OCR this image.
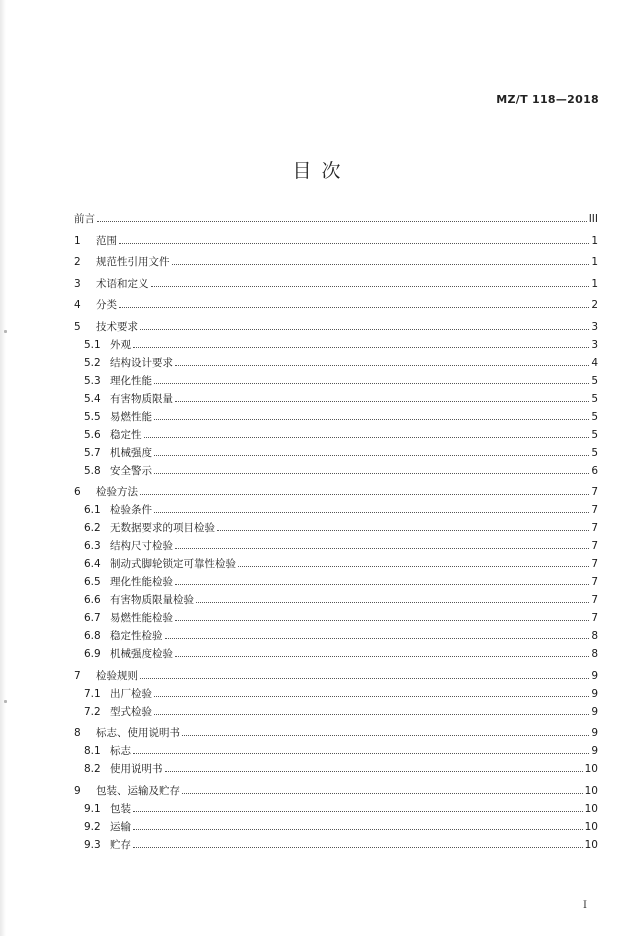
MZ/T 118—2018
目次
前言	III
1	范围	1
2	规范性引用文件	1
3	术语和定义	1
4	分类	2
5	技术要求	3
5.1 外观	3
5.2 结构设计要求	4
5.3 理化性能	5
5.4 有害物质限量	5
5.5 易燃性能	5
5.6 稳定性	5
5.7 机械强度	5
5.8 安全警示	6
6	检验方法	7
6.1 检验条件	7
6.2 无数据要求的项目检验	7
6.3 结构尺寸检验	7
6.4 制动式脚轮锁定可靠性检验	7
6.5 理化性能检验	7
6.6 有害物质限量检验	7
6.7 易燃性能检验	7
6.8 稳定性检验	8
6.9 机械强度检验	8
7	检验规则	9
7.1 出厂检验	9
7.2 型式检验	9
8	标志、使用说明书	9
8.1 标志	9
8.2 使用说明书	10
9	包装、运输及贮存	10
9.1 包装	10
9.2 运输	10
9.3 贮存	10
I
